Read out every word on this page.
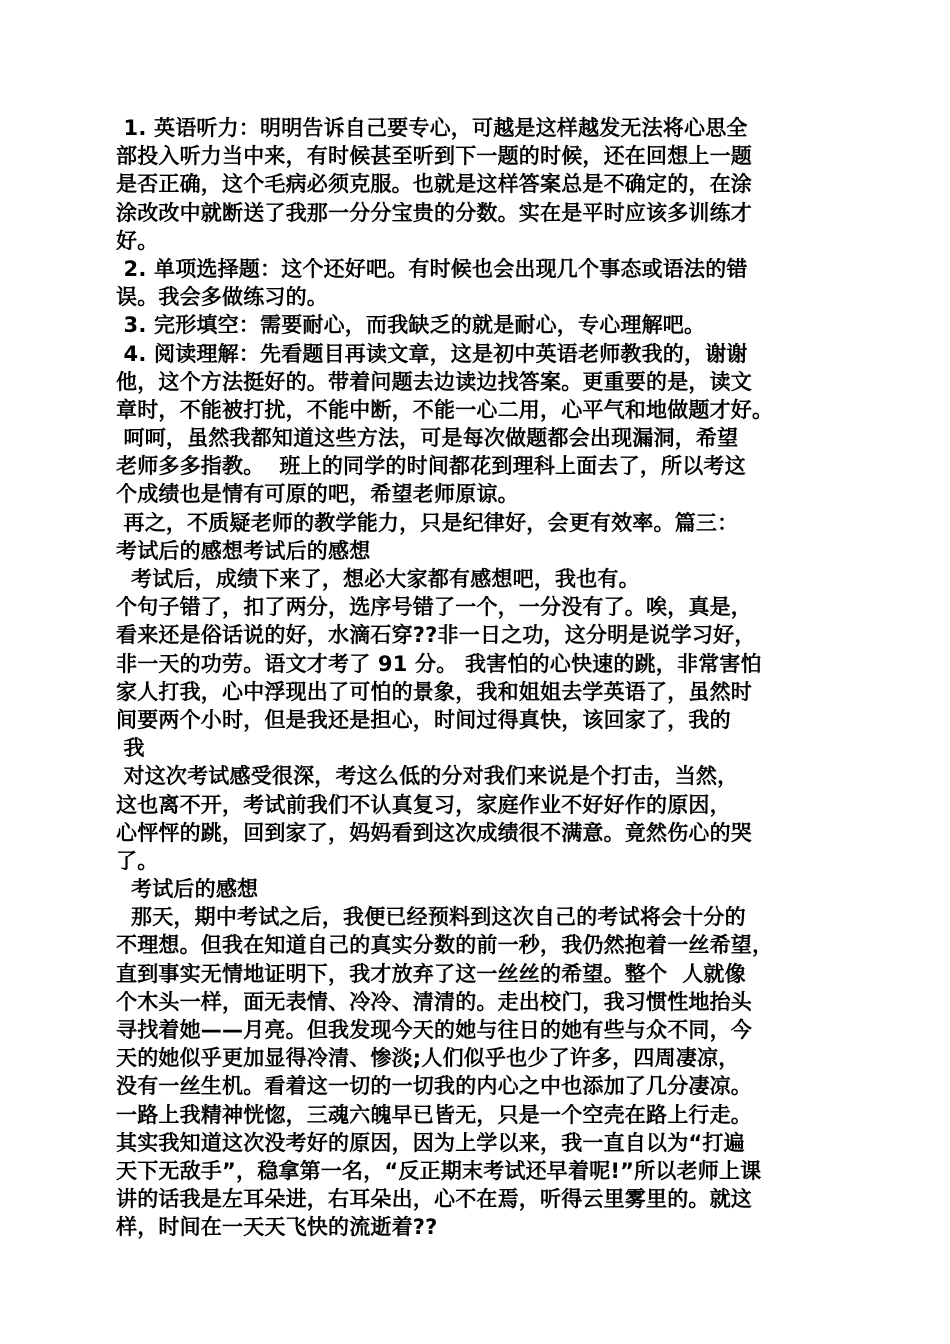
1. 英语听力：明明告诉自己要专心，可越是这样越发无法将心思全
部投入听力当中来，有时候甚至听到下一题的时候，还在回想上一题
是否正确，这个毛病必须克服。也就是这样答案总是不确定的，在涂
涂改改中就断送了我那一分分宝贵的分数。实在是平时应该多训练才
好。
2. 单项选择题：这个还好吧。有时候也会出现几个事态或语法的错
误。我会多做练习的。
3. 完形填空：需要耐心，而我缺乏的就是耐心，专心理解吧。
4. 阅读理解：先看题目再读文章，这是初中英语老师教我的，谢谢
他，这个方法挺好的。带着问题去边读边找答案。更重要的是，读文
章时，不能被打扰，不能中断，不能一心二用，心平气和地做题才好。
呵呵，虽然我都知道这些方法，可是每次做题都会出现漏洞，希望
老师多多指教。  班上的同学的时间都花到理科上面去了，所以考这
个成绩也是情有可原的吧，希望老师原谅。
再之，不质疑老师的教学能力，只是纪律好，会更有效率。篇三：
考试后的感想考试后的感想
考试后，成绩下来了，想必大家都有感想吧，我也有。
个句子错了，扣了两分，选序号错了一个，一分没有了。唉，真是，
看来还是俗话说的好，水滴石穿??非一日之功，这分明是说学习好，
非一天的功劳。语文才考了 91 分。 我害怕的心快速的跳，非常害怕
家人打我，心中浮现出了可怕的景象，我和姐姐去学英语了，虽然时
间要两个小时，但是我还是担心，时间过得真快，该回家了，我的
我
对这次考试感受很深，考这么低的分对我们来说是个打击，当然，
这也离不开，考试前我们不认真复习，家庭作业不好好作的原因，
心怦怦的跳，回到家了，妈妈看到这次成绩很不满意。竟然伤心的哭
了。
考试后的感想
那天，期中考试之后，我便已经预料到这次自己的考试将会十分的
不理想。但我在知道自己的真实分数的前一秒，我仍然抱着一丝希望，
直到事实无情地证明下，我才放弃了这一丝丝的希望。整个  人就像
个木头一样，面无表情、冷冷、清清的。走出校门，我习惯性地抬头
寻找着她——月亮。但我发现今天的她与往日的她有些与众不同，今
天的她似乎更加显得冷清、惨淡;人们似乎也少了许多，四周凄凉，
没有一丝生机。看着这一切的一切我的内心之中也添加了几分凄凉。
一路上我精神恍惚，三魂六魄早已皆无，只是一个空壳在路上行走。
其实我知道这次没考好的原因，因为上学以来，我一直自以为“打遍
天下无敌手”，稳拿第一名，“反正期末考试还早着呢!”所以老师上课
讲的话我是左耳朵进，右耳朵出，心不在焉，听得云里雾里的。就这
样，时间在一天天飞快的流逝着??
